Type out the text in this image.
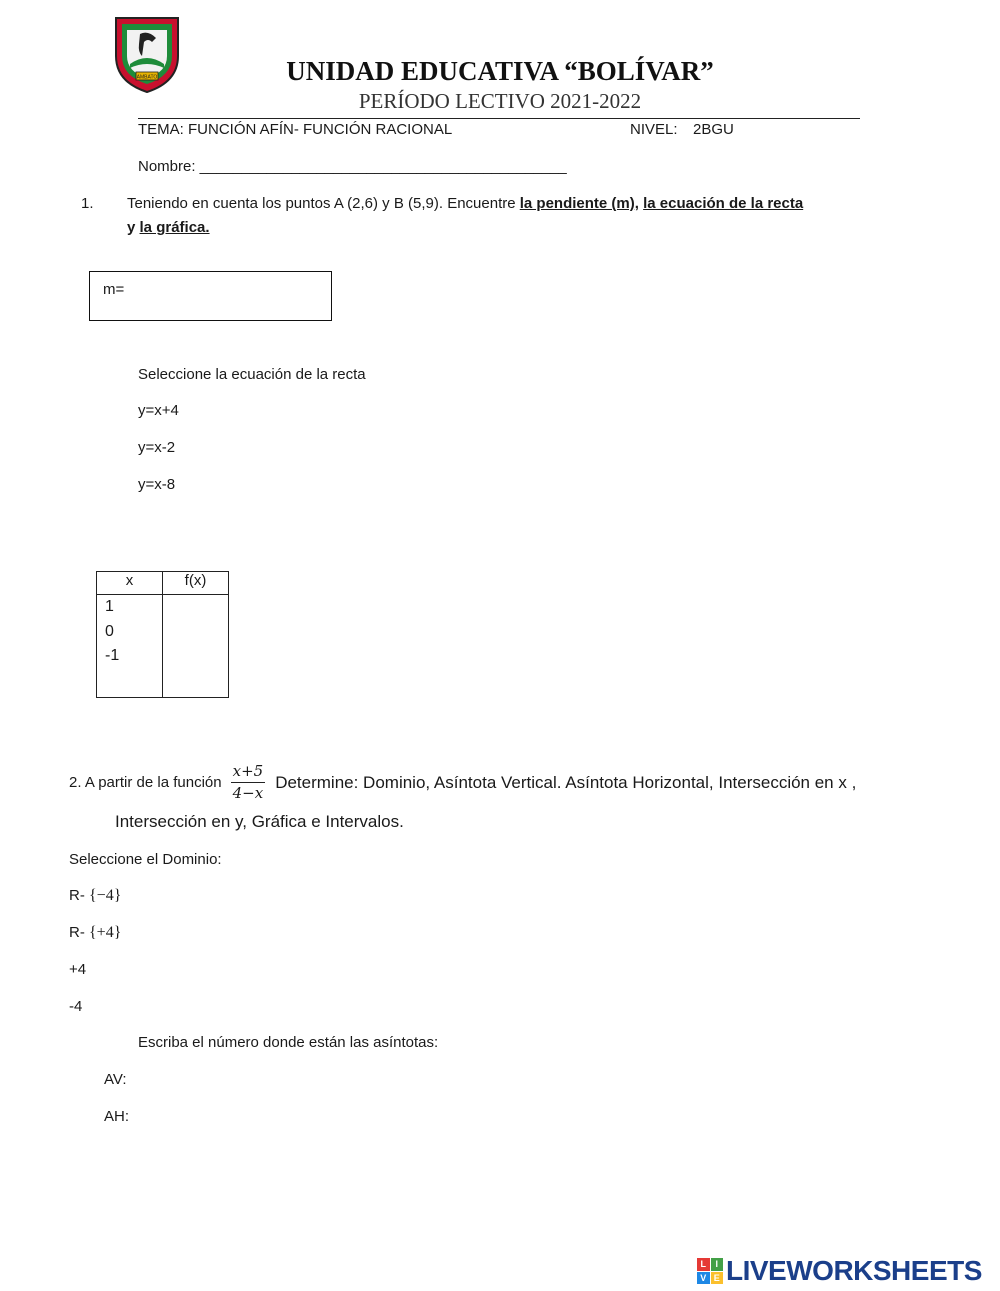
AMBATO	UNIDAD EDUCATIVA “BOLÍVAR”
PERÍODO LECTIVO 2021-2022
TEMA: FUNCIÓN AFÍN- FUNCIÓN RACIONAL	NIVEL: 2BGU
Nombre: ____________________________________________
1. Teniendo en cuenta los puntos A (2,6) y B (5,9). Encuentre la pendiente (m), la ecuación de la recta
y la gráfica.
m=
Seleccione la ecuación de la recta
y=x+4
y=x-2
y=x-8
x	f(x)

1
0
-1	

2. A partir de la función $\frac{x+5}{4-x}$ Determine: Dominio, Asíntota Vertical. Asíntota Horizontal, Intersección en x ,
Intersección en y, Gráfica e Intervalos.
Seleccione el Dominio:
R- {−4}
R- {+4}
+4
-4
Escriba el número donde están las asíntotas:
AV:
AH:
L	I
V E LIVEWORKSHEETS
